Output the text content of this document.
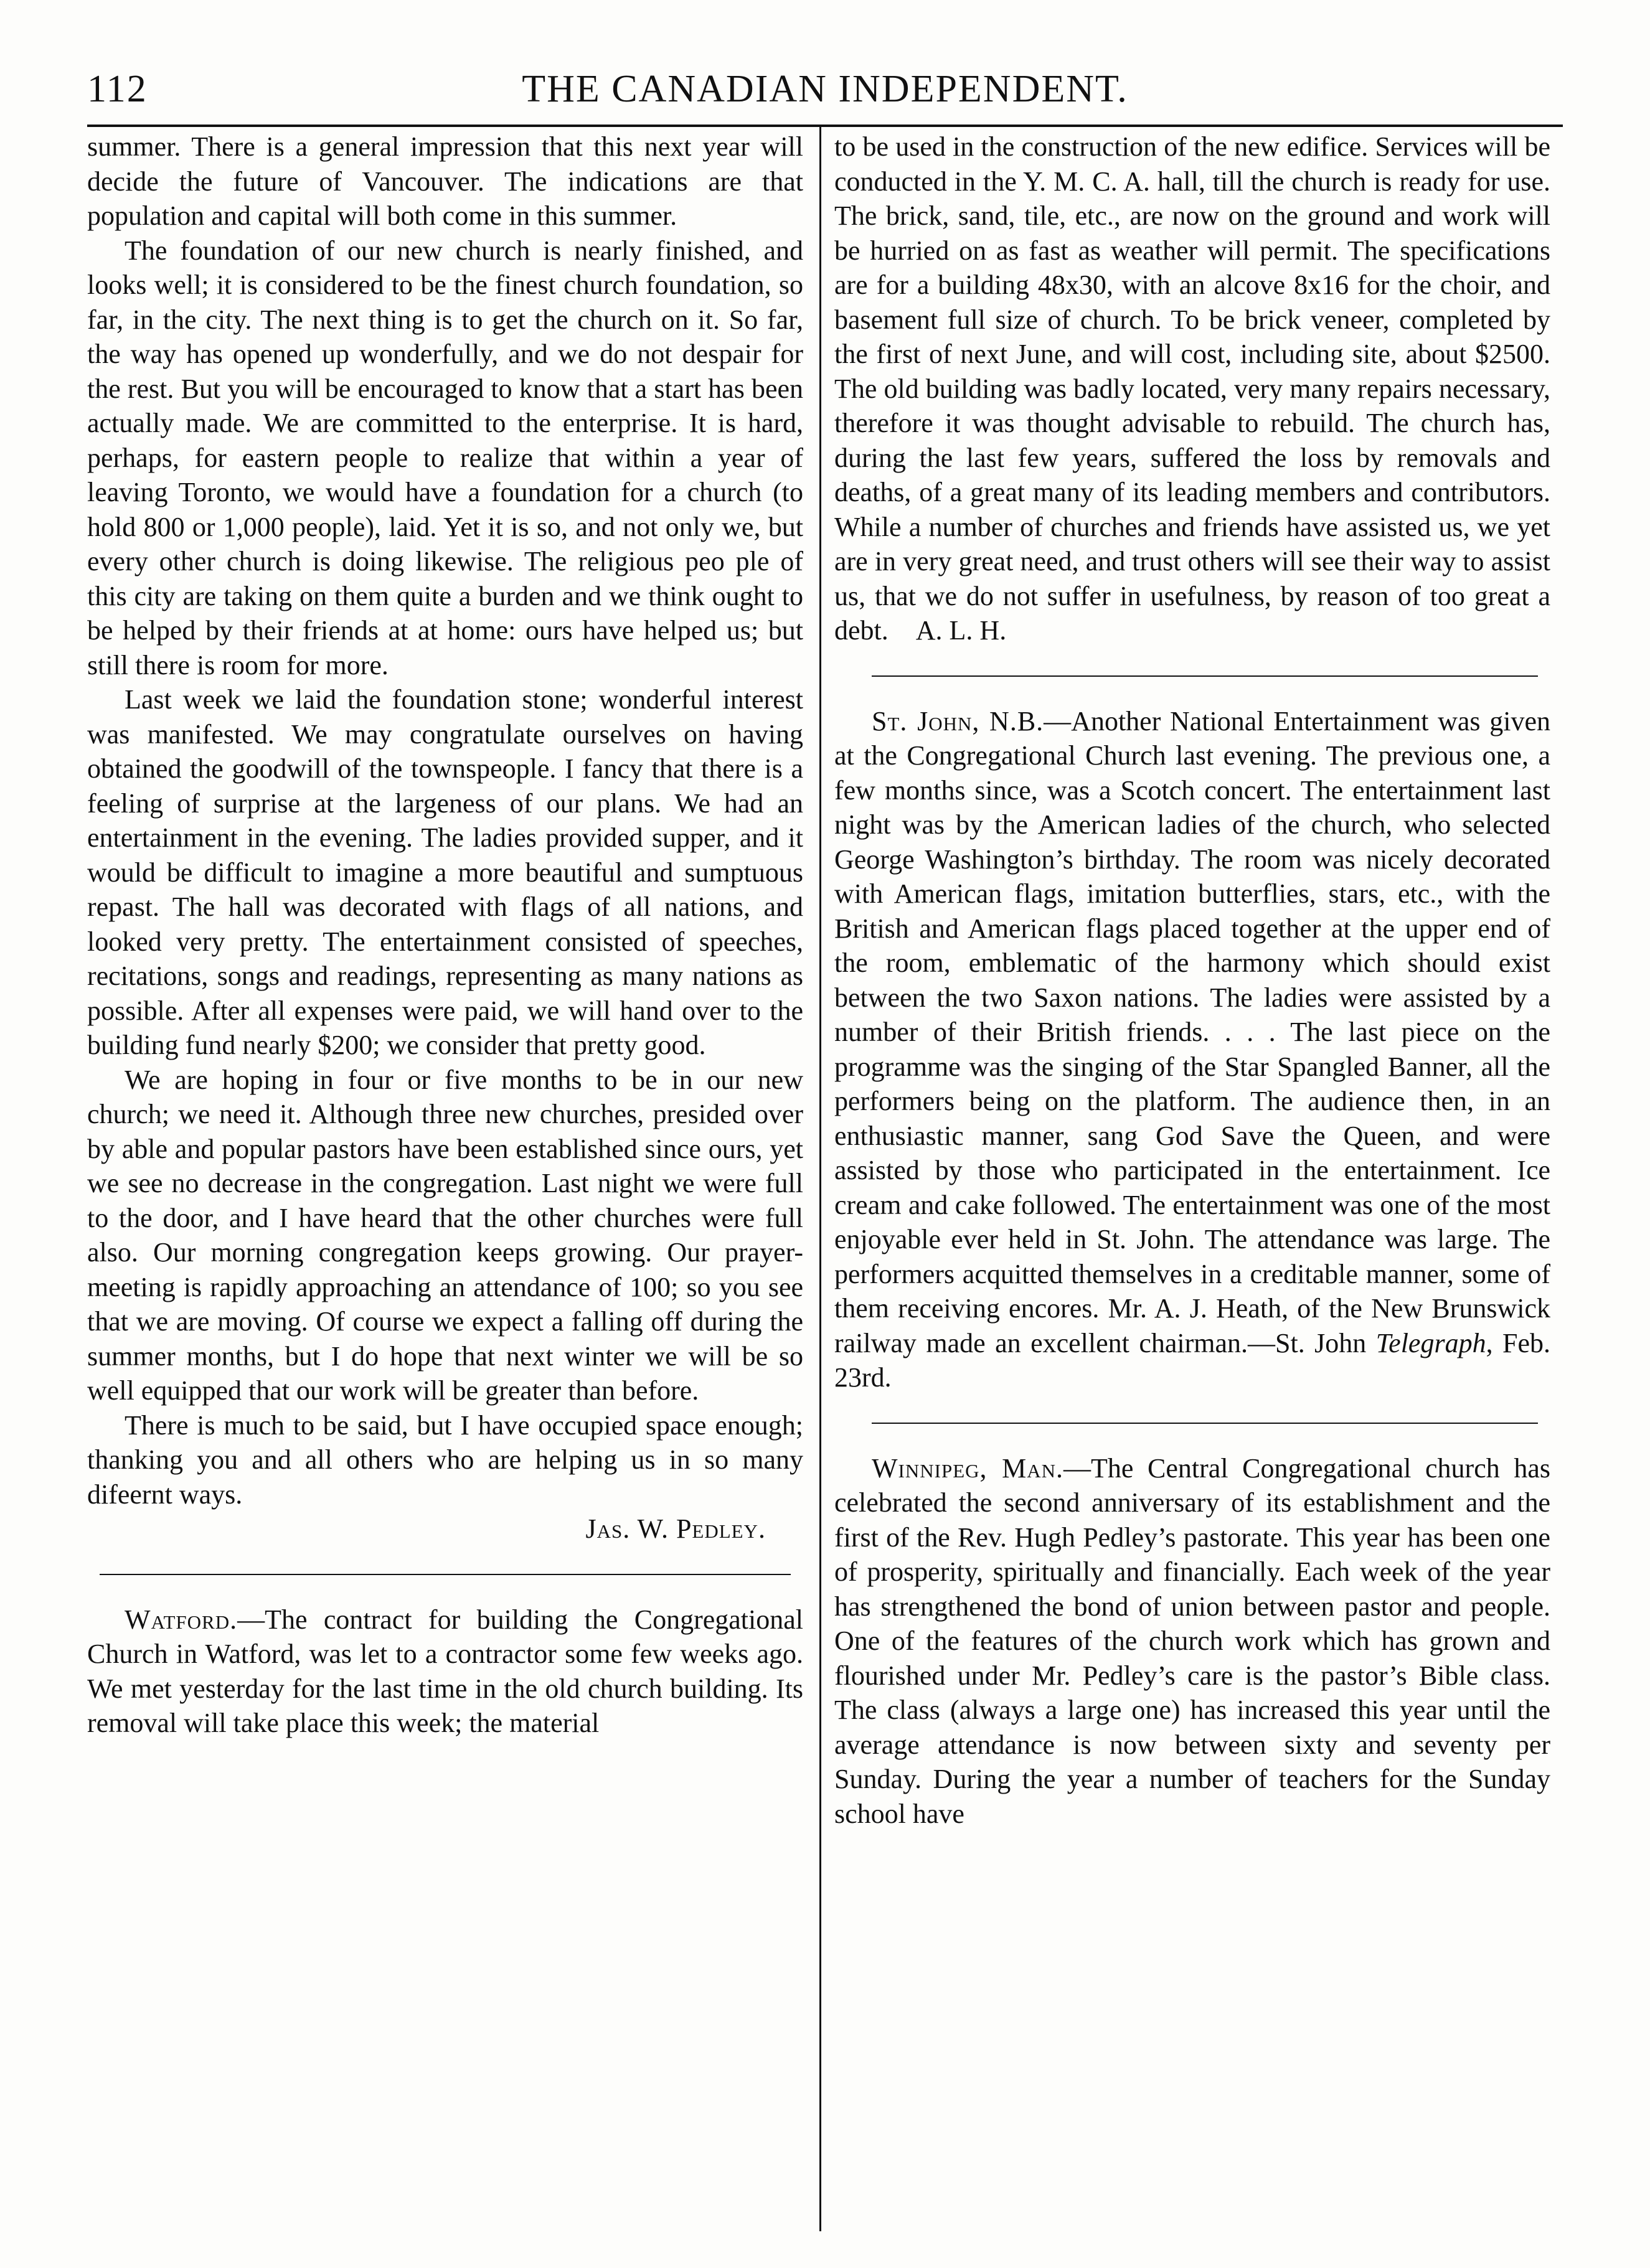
112	THE CANADIAN INDEPENDENT.

summer. There is a general impression that this next year will decide the future of Vancouver. The indications are that population and capital will both come in this summer.

The foundation of our new church is nearly finished, and looks well; it is considered to be the finest church foundation, so far, in the city. The next thing is to get the church on it. So far, the way has opened up wonderfully, and we do not despair for the rest. But you will be encouraged to know that a start has been actually made. We are committed to the enterprise. It is hard, perhaps, for eastern people to realize that within a year of leaving Toronto, we would have a foundation for a church (to hold 800 or 1,000 people), laid. Yet it is so, and not only we, but every other church is doing likewise. The religious peo ple of this city are taking on them quite a burden and we think ought to be helped by their friends at at home: ours have helped us; but still there is room for more.

Last week we laid the foundation stone; wonderful interest was manifested. We may congratulate ourselves on having obtained the goodwill of the townspeople. I fancy that there is a feeling of surprise at the largeness of our plans. We had an entertainment in the evening. The ladies provided supper, and it would be difficult to imagine a more beautiful and sumptuous repast. The hall was decorated with flags of all nations, and looked very pretty. The entertainment consisted of speeches, recitations, songs and readings, representing as many nations as possible. After all expenses were paid, we will hand over to the building fund nearly $200; we consider that pretty good.

We are hoping in four or five months to be in our new church; we need it. Although three new churches, presided over by able and popular pastors have been established since ours, yet we see no decrease in the congregation. Last night we were full to the door, and I have heard that the other churches were full also. Our morning congregation keeps growing. Our prayer-meeting is rapidly approaching an attendance of 100; so you see that we are moving. Of course we expect a falling off during the summer months, but I do hope that next winter we will be so well equipped that our work will be greater than before.

There is much to be said, but I have occupied space enough; thanking you and all others who are helping us in so many difeernt ways.

Jas. W. Pedley.

Watford.—The contract for building the Congregational Church in Watford, was let to a contractor some few weeks ago. We met yesterday for the last time in the old church building. Its removal will take place this week; the material

to be used in the construction of the new edifice. Services will be conducted in the Y. M. C. A. hall, till the church is ready for use. The brick, sand, tile, etc., are now on the ground and work will be hurried on as fast as weather will permit. The specifications are for a building 48x30, with an alcove 8x16 for the choir, and basement full size of church. To be brick veneer, completed by the first of next June, and will cost, including site, about $2500. The old building was badly located, very many repairs necessary, therefore it was thought advisable to rebuild. The church has, during the last few years, suffered the loss by removals and deaths, of a great many of its leading members and contributors. While a number of churches and friends have assisted us, we yet are in very great need, and trust others will see their way to assist us, that we do not suffer in usefulness, by reason of too great a debt. A. L. H.

St. John, N.B.—Another National Entertainment was given at the Congregational Church last evening. The previous one, a few months since, was a Scotch concert. The entertainment last night was by the American ladies of the church, who selected George Washington’s birthday. The room was nicely decorated with American flags, imitation butterflies, stars, etc., with the British and American flags placed together at the upper end of the room, emblematic of the harmony which should exist between the two Saxon nations. The ladies were assisted by a number of their British friends. . . . The last piece on the programme was the singing of the Star Spangled Banner, all the performers being on the platform. The audience then, in an enthusiastic manner, sang God Save the Queen, and were assisted by those who participated in the entertainment. Ice cream and cake followed. The entertainment was one of the most enjoyable ever held in St. John. The attendance was large. The performers acquitted themselves in a creditable manner, some of them receiving encores. Mr. A. J. Heath, of the New Brunswick railway made an excellent chairman.—St. John Telegraph, Feb. 23rd.

Winnipeg, Man.—The Central Congregational church has celebrated the second anniversary of its establishment and the first of the Rev. Hugh Pedley’s pastorate. This year has been one of prosperity, spiritually and financially. Each week of the year has strengthened the bond of union between pastor and people. One of the features of the church work which has grown and flourished under Mr. Pedley’s care is the pastor’s Bible class. The class (always a large one) has increased this year until the average attendance is now between sixty and seventy per Sunday. During the year a number of teachers for the Sunday school have
